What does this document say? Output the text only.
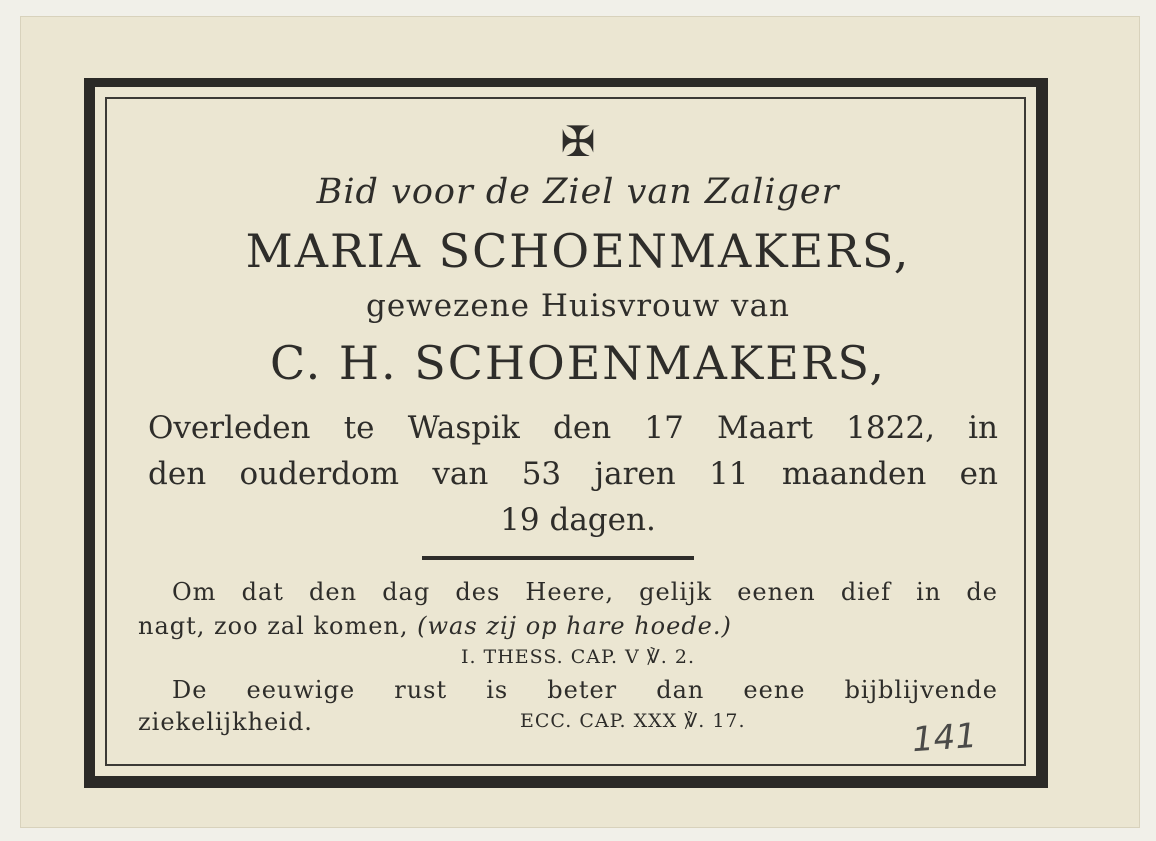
✠
Bid voor de Ziel van Zaliger
MARIA SCHOENMAKERS,
gewezene Huisvrouw van
C. H. SCHOENMAKERS,
Overleden te Waspik den 17 Maart 1822, in
den ouderdom van 53 jaren 11 maanden en
19 dagen.
Om dat den dag des Heere, gelijk eenen dief in de
nagt, zoo zal komen, (was zij op hare hoede.)
I. THESS. CAP. V ℣. 2.
De eeuwige rust is beter dan eene bijblijvende
ziekelijkheid.	ECC. CAP. XXX ℣. 17.	141
